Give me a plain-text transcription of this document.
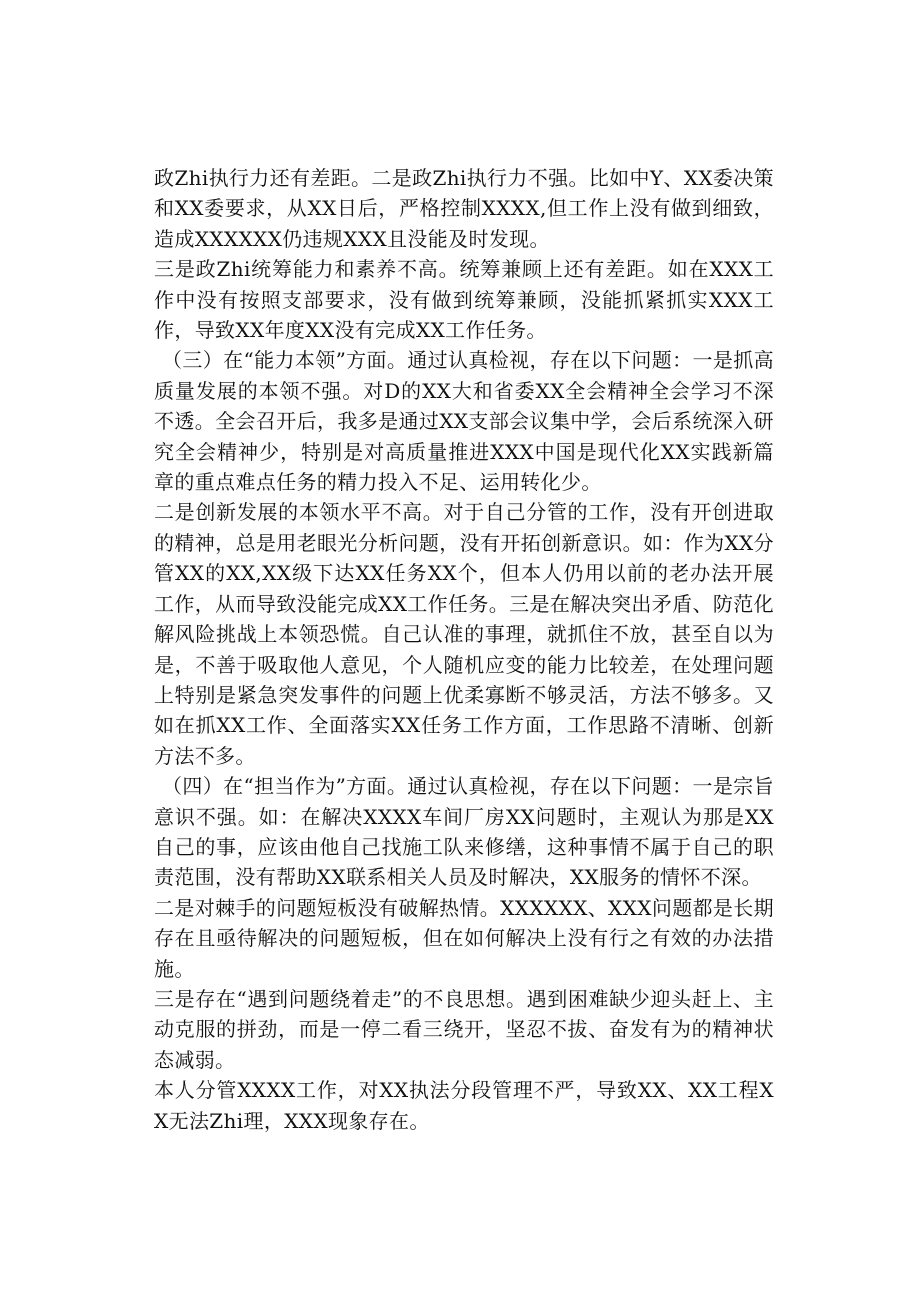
政Zhi执行力还有差距。二是政Zhi执行力不强。比如中Y、XX委决策和XX委要求，从XX日后，严格控制XXXX,但工作上没有做到细致，造成XXXXXX仍违规XXX且没能及时发现。

三是政Zhi统筹能力和素养不高。统筹兼顾上还有差距。如在XXX工作中没有按照支部要求，没有做到统筹兼顾，没能抓紧抓实XXX工作，导致XX年度XX没有完成XX工作任务。

（三）在“能力本领”方面。通过认真检视，存在以下问题：一是抓高质量发展的本领不强。对D的XX大和省委XX全会精神全会学习不深不透。全会召开后，我多是通过XX支部会议集中学，会后系统深入研究全会精神少，特别是对高质量推进XXX中国是现代化XX实践新篇章的重点难点任务的精力投入不足、运用转化少。

二是创新发展的本领水平不高。对于自己分管的工作，没有开创进取的精神，总是用老眼光分析问题，没有开拓创新意识。如：作为XX分管XX的XX,XX级下达XX任务XX个，但本人仍用以前的老办法开展工作，从而导致没能完成XX工作任务。三是在解决突出矛盾、防范化解风险挑战上本领恐慌。自己认准的事理，就抓住不放，甚至自以为是，不善于吸取他人意见，个人随机应变的能力比较差，在处理问题上特别是紧急突发事件的问题上优柔寡断不够灵活，方法不够多。又如在抓XX工作、全面落实XX任务工作方面，工作思路不清晰、创新方法不多。

（四）在“担当作为”方面。通过认真检视，存在以下问题：一是宗旨意识不强。如：在解决XXXX车间厂房XX问题时，主观认为那是XX自己的事，应该由他自己找施工队来修缮，这种事情不属于自己的职责范围，没有帮助XX联系相关人员及时解决，XX服务的情怀不深。

二是对棘手的问题短板没有破解热情。XXXXXX、XXX问题都是长期存在且亟待解决的问题短板，但在如何解决上没有行之有效的办法措施。

三是存在“遇到问题绕着走”的不良思想。遇到困难缺少迎头赶上、主动克服的拼劲，而是一停二看三绕开，坚忍不拔、奋发有为的精神状态减弱。

本人分管XXXX工作，对XX执法分段管理不严，导致XX、XX工程XX无法Zhi理，XXX现象存在。
